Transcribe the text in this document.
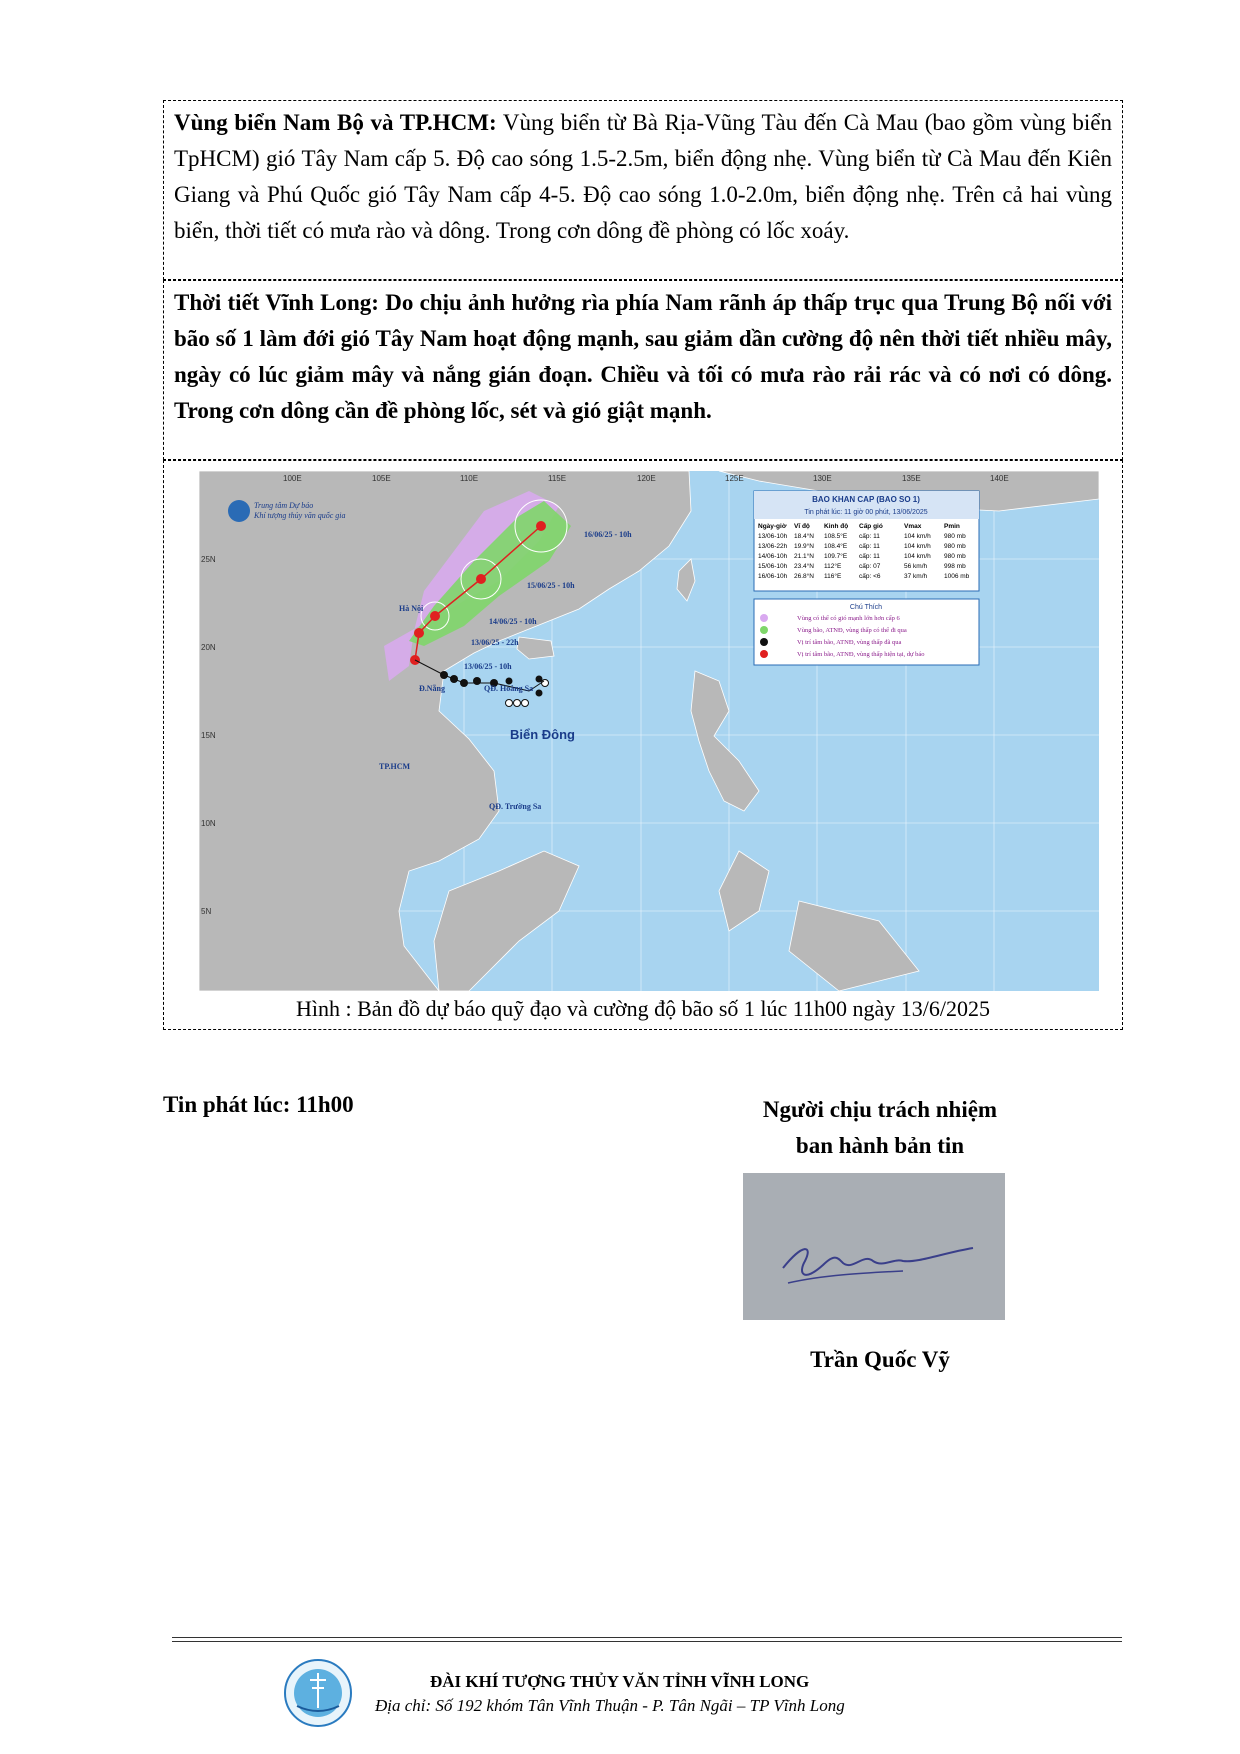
Vùng biển Nam Bộ và TP.HCM: Vùng biển từ Bà Rịa-Vũng Tàu đến Cà Mau (bao gồm vùng biển TpHCM) gió Tây Nam cấp 5. Độ cao sóng 1.5-2.5m, biển động nhẹ. Vùng biển từ Cà Mau đến Kiên Giang và Phú Quốc gió Tây Nam cấp 4-5. Độ cao sóng 1.0-2.0m, biển động nhẹ. Trên cả hai vùng biển, thời tiết có mưa rào và dông. Trong cơn dông đề phòng có lốc xoáy.
Thời tiết Vĩnh Long: Do chịu ảnh hưởng rìa phía Nam rãnh áp thấp trục qua Trung Bộ nối với bão số 1 làm đới gió Tây Nam hoạt động mạnh, sau giảm dần cường độ nên thời tiết nhiều mây, ngày có lúc giảm mây và nắng gián đoạn. Chiều và tối có mưa rào rải rác và có nơi có dông. Trong cơn dông cần đề phòng lốc, sét và gió giật mạnh.
100E	105E	110E	115E	120E	125E	130E	135E	140E
25N
20N
15N
10N
5N
Trung tâm Dự báo
Khí tượng thủy văn quốc gia
16/06/25 - 10h
15/06/25 - 10h
14/06/25 - 10h
13/06/25 - 22h
13/06/25 - 10h
Hà Nội
Đ.Nẵng
TP.HCM
QĐ. Hoàng Sa
QĐ. Trường Sa
Biển Đông
BAO KHAN CAP (BAO SO 1)
Tin phát lúc: 11 giờ 00 phút, 13/06/2025
Ngày-giờ Vĩ độ Kinh độ Cấp gió	Vmax	Pmin
13/06-10h 18.4°N 108.5°E cấp: 11	104 km/h 980 mb
13/06-22h 19.9°N 108.4°E cấp: 11	104 km/h 980 mb
14/06-10h 21.1°N 109.7°E cấp: 11	104 km/h 980 mb
15/06-10h 23.4°N 112°E	cấp: 07	56 km/h	998 mb
16/06-10h 26.8°N 116°E	cấp: <6	37 km/h	1006 mb
Chú Thích
Vùng có thể có gió mạnh lớn hơn cấp 6
Vùng bão, ATNĐ, vùng thấp có thể đi qua
Vị trí tâm bão, ATNĐ, vùng thấp đã qua
Vị trí tâm bão, ATNĐ, vùng thấp hiện tại, dự báo
Hình : Bản đồ dự báo quỹ đạo và cường độ bão số 1 lúc 11h00 ngày 13/6/2025
Tin phát lúc: 11h00	Người chịu trách nhiệm
ban hành bản tin
Trần Quốc Vỹ
ĐÀI KHÍ TƯỢNG THỦY VĂN TỈNH VĨNH LONG
Địa chỉ: Số 192 khóm Tân Vĩnh Thuận - P. Tân Ngãi – TP Vĩnh Long
